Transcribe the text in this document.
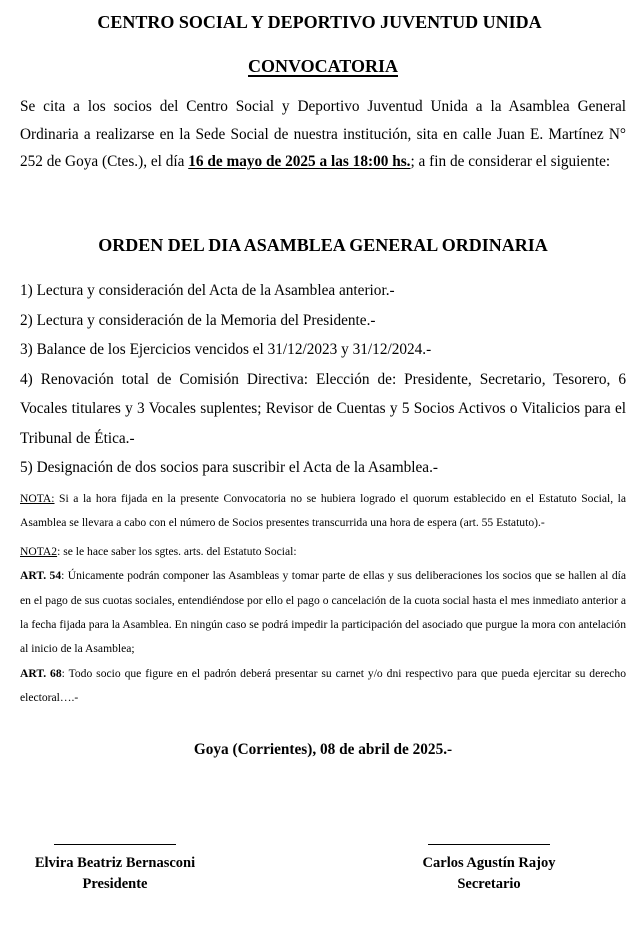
CENTRO SOCIAL Y DEPORTIVO JUVENTUD UNIDA
CONVOCATORIA

Se cita a los socios del Centro Social y Deportivo Juventud Unida a la Asamblea General Ordinaria a realizarse en la Sede Social de nuestra institución, sita en calle Juan E. Martínez N° 252 de Goya (Ctes.), el día 16 de mayo de 2025 a las 18:00 hs.; a fin de considerar el siguiente:

ORDEN DEL DIA ASAMBLEA GENERAL ORDINARIA
1) Lectura y consideración del Acta de la Asamblea anterior.-
2) Lectura y consideración de la Memoria del Presidente.-
3) Balance de los Ejercicios vencidos el 31/12/2023 y 31/12/2024.-
4) Renovación total de Comisión Directiva: Elección de: Presidente, Secretario, Tesorero, 6 Vocales titulares y 3 Vocales suplentes; Revisor de Cuentas y 5 Socios Activos o Vitalicios para el Tribunal de Ética.-
5) Designación de dos socios para suscribir el Acta de la Asamblea.-
NOTA: Si a la hora fijada en la presente Convocatoria no se hubiera logrado el quorum establecido en el Estatuto Social, la Asamblea se llevara a cabo con el número de Socios presentes transcurrida una hora de espera (art. 55 Estatuto).-
NOTA2: se le hace saber los sgtes. arts. del Estatuto Social:
ART. 54: Únicamente podrán componer las Asambleas y tomar parte de ellas y sus deliberaciones los socios que se hallen al día en el pago de sus cuotas sociales, entendiéndose por ello el pago o cancelación de la cuota social hasta el mes inmediato anterior a la fecha fijada para la Asamblea. En ningún caso se podrá impedir la participación del asociado que purgue la mora con antelación al inicio de la Asamblea;
ART. 68: Todo socio que figure en el padrón deberá presentar su carnet y/o dni respectivo para que pueda ejercitar su derecho electoral….-
Goya (Corrientes), 08 de abril de 2025.-
Elvira Beatriz Bernasconi
Presidente
Carlos Agustín Rajoy
Secretario
